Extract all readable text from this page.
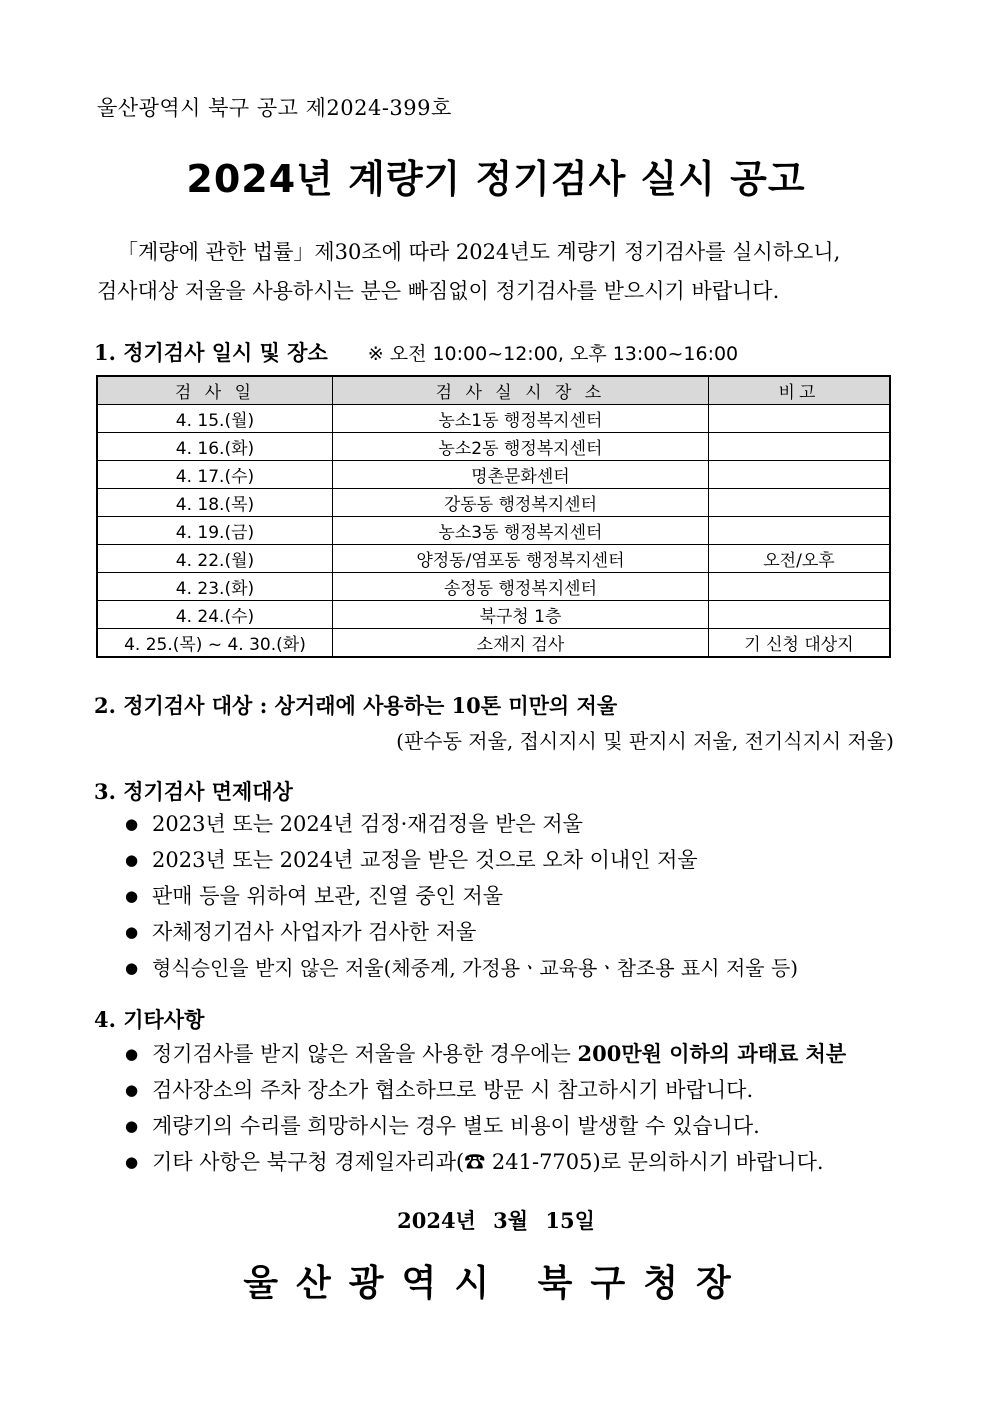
울산광역시 북구 공고 제2024-399호
2024년 계량기 정기검사 실시 공고
「계량에 관한 법률」제30조에 따라 2024년도 계량기 정기검사를 실시하오니,
검사대상 저울을 사용하시는 분은 빠짐없이 정기검사를 받으시기 바랍니다.
1. 정기검사 일시 및 장소 ※ 오전 10:00~12:00, 오후 13:00~16:00
검 사 일	검 사 실 시 장 소	비고
4. 15.(월)	농소1동 행정복지센터	
4. 16.(화)	농소2동 행정복지센터	
4. 17.(수)	명촌문화센터	
4. 18.(목)	강동동 행정복지센터	
4. 19.(금)	농소3동 행정복지센터	
4. 22.(월)	양정동/염포동 행정복지센터	오전/오후
4. 23.(화)	송정동 행정복지센터	
4. 24.(수)	북구청 1층	
4. 25.(목) ~ 4. 30.(화)	소재지 검사	기 신청 대상지
2. 정기검사 대상 : 상거래에 사용하는 10톤 미만의 저울
(판수동 저울, 접시지시 및 판지시 저울, 전기식지시 저울)
3. 정기검사 면제대상
● 2023년 또는 2024년 검정·재검정을 받은 저울
● 2023년 또는 2024년 교정을 받은 것으로 오차 이내인 저울
● 판매 등을 위하여 보관, 진열 중인 저울
● 자체정기검사 사업자가 검사한 저울
● 형식승인을 받지 않은 저울(체중계, 가정용ㆍ교육용ㆍ참조용 표시 저울 등)
4. 기타사항
● 정기검사를 받지 않은 저울을 사용한 경우에는 200만원 이하의 과태료 처분
● 검사장소의 주차 장소가 협소하므로 방문 시 참고하시기 바랍니다.
● 계량기의 수리를 희망하시는 경우 별도 비용이 발생할 수 있습니다.
● 기타 사항은 북구청 경제일자리과(☎ 241-7705)로 문의하시기 바랍니다.
2024년 3월 15일
울산광역시 북구청장
